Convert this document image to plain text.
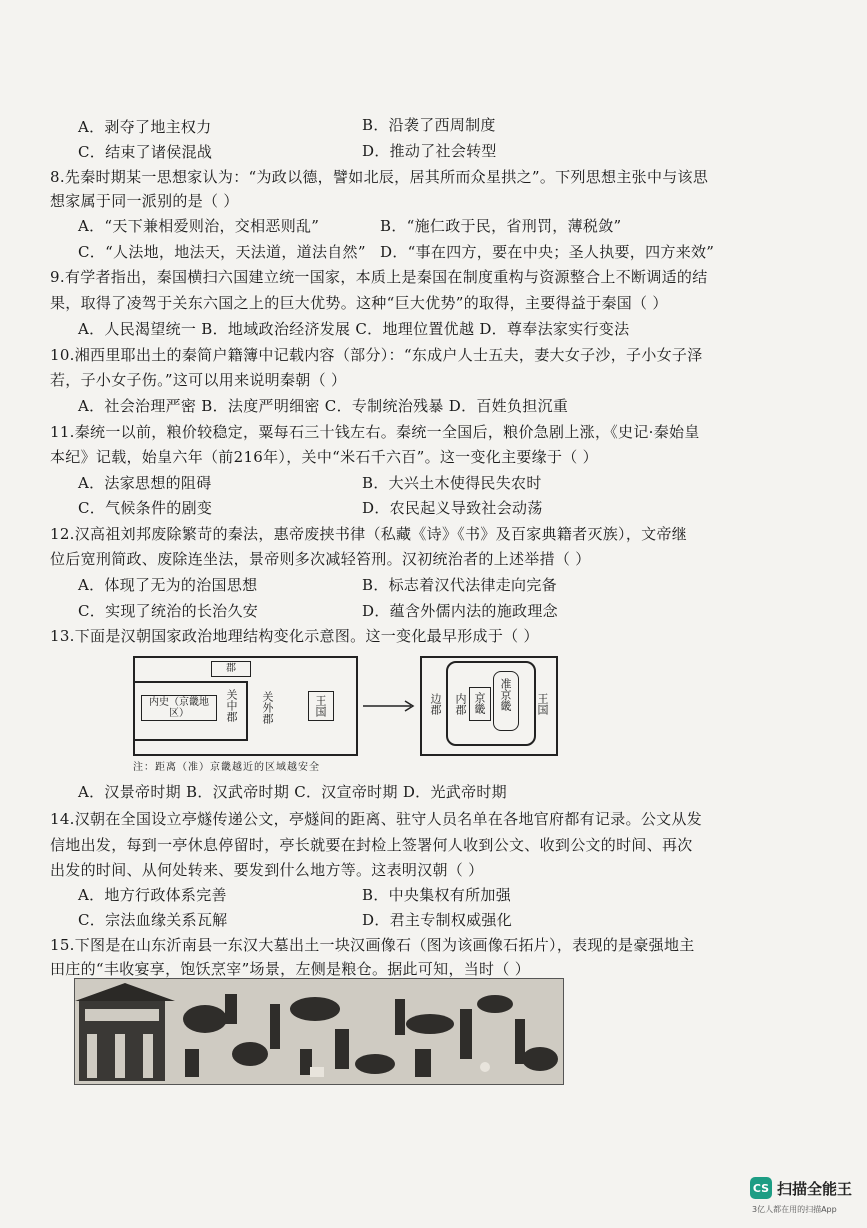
A．剥夺了地主权力	B．沿袭了西周制度
C．结束了诸侯混战	D．推动了社会转型
8.先秦时期某一思想家认为：“为政以德，譬如北辰，居其所而众星拱之”。下列思想主张中与该思
想家属于同一派别的是（ ）
A．“天下兼相爱则治，交相恶则乱”	B．“施仁政于民，省刑罚，薄税敛”
C．“人法地，地法天，天法道，道法自然” D．“事在四方，要在中央；圣人执要，四方来效”
9.有学者指出，秦国横扫六国建立统一国家，本质上是秦国在制度重构与资源整合上不断调适的结
果，取得了凌驾于关东六国之上的巨大优势。这种“巨大优势”的取得，主要得益于秦国（ ）
A．人民渴望统一 B．地域政治经济发展 C．地理位置优越 D．尊奉法家实行变法
10.湘西里耶出土的秦简户籍簿中记载内容（部分）：“东成户人士五夫，妻大女子沙，子小女子泽
若，子小女子伤。”这可以用来说明秦朝（ ）
A．社会治理严密 B．法度严明细密 C．专制统治残暴 D．百姓负担沉重
11.秦统一以前，粮价较稳定，粟每石三十钱左右。秦统一全国后，粮价急剧上涨，《史记·秦始皇
本纪》记载，始皇六年（前216年），关中“米石千六百”。这一变化主要缘于（ ）
A．法家思想的阻碍	B．大兴土木使得民失农时
C．气候条件的剧变	D．农民起义导致社会动荡
12.汉高祖刘邦废除繁苛的秦法，惠帝废挟书律（私藏《诗》《书》及百家典籍者灭族），文帝继
位后宽刑简政、废除连坐法，景帝则多次减轻笞刑。汉初统治者的上述举措（ ）
A．体现了无为的治国思想	B．标志着汉代法律走向完备
C．实现了统治的长治久安	D．蕴含外儒内法的施政理念
13.下面是汉朝国家政治地理结构变化示意图。这一变化最早形成于（ ）
郡
内史（京畿地区）	关中郡 关外郡	王国	边郡 内郡 京畿 准京畿 王国
注：距离（准）京畿越近的区域越安全
A．汉景帝时期 B．汉武帝时期 C．汉宣帝时期 D．光武帝时期
14.汉朝在全国设立亭燧传递公文，亭燧间的距离、驻守人员名单在各地官府都有记录。公文从发
信地出发，每到一亭休息停留时，亭长就要在封检上签署何人收到公文、收到公文的时间、再次
出发的时间、从何处转来、要发到什么地方等。这表明汉朝（ ）
A．地方行政体系完善	B．中央集权有所加强
C．宗法血缘关系瓦解	D．君主专制权威强化
15.下图是在山东沂南县一东汉大墓出土一块汉画像石（图为该画像石拓片），表现的是豪强地主
田庄的“丰收宴享，饱饫烹宰”场景，左侧是粮仓。据此可知，当时（ ）
CS 扫描全能王
3亿人都在用的扫描App
